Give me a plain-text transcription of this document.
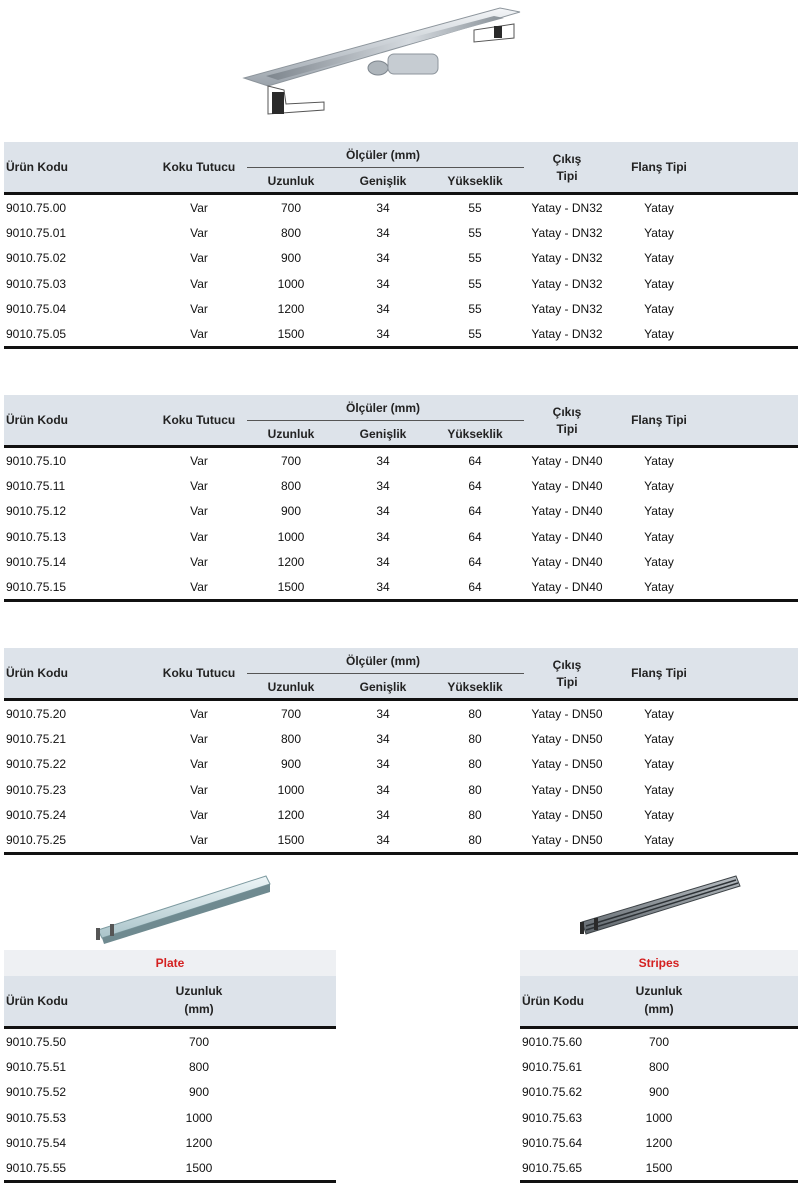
Ürün Kodu	Koku Tutucu
Ölçüler (mm)
Uzunluk	Genişlik	Yükseklik
Çıkış
Tipi
Flanş Tipi
9010.75.00	Var	700	34	55	Yatay - DN32	Yatay
9010.75.01	Var	800	34	55	Yatay - DN32	Yatay
9010.75.02	Var	900	34	55	Yatay - DN32	Yatay
9010.75.03	Var	1000	34	55	Yatay - DN32	Yatay
9010.75.04	Var	1200	34	55	Yatay - DN32	Yatay
9010.75.05	Var	1500	34	55	Yatay - DN32	Yatay
Ürün Kodu	Koku Tutucu
Ölçüler (mm)
Uzunluk	Genişlik	Yükseklik
Çıkış
Tipi
Flanş Tipi
9010.75.10	Var	700	34	64	Yatay - DN40	Yatay
9010.75.11	Var	800	34	64	Yatay - DN40	Yatay
9010.75.12	Var	900	34	64	Yatay - DN40	Yatay
9010.75.13	Var	1000	34	64	Yatay - DN40	Yatay
9010.75.14	Var	1200	34	64	Yatay - DN40	Yatay
9010.75.15	Var	1500	34	64	Yatay - DN40	Yatay
Ürün Kodu	Koku Tutucu
Ölçüler (mm)
Uzunluk	Genişlik	Yükseklik
Çıkış
Tipi
Flanş Tipi
9010.75.20	Var	700	34	80	Yatay - DN50	Yatay
9010.75.21	Var	800	34	80	Yatay - DN50	Yatay
9010.75.22	Var	900	34	80	Yatay - DN50	Yatay
9010.75.23	Var	1000	34	80	Yatay - DN50	Yatay
9010.75.24	Var	1200	34	80	Yatay - DN50	Yatay
9010.75.25	Var	1500	34	80	Yatay - DN50	Yatay
Plate
Ürün Kodu
Uzunluk
(mm)
9010.75.50	700
9010.75.51	800
9010.75.52	900
9010.75.53	1000
9010.75.54	1200
9010.75.55	1500
Stripes
Ürün Kodu
Uzunluk
(mm)
9010.75.60	700
9010.75.61	800
9010.75.62	900
9010.75.63	1000
9010.75.64	1200
9010.75.65	1500
